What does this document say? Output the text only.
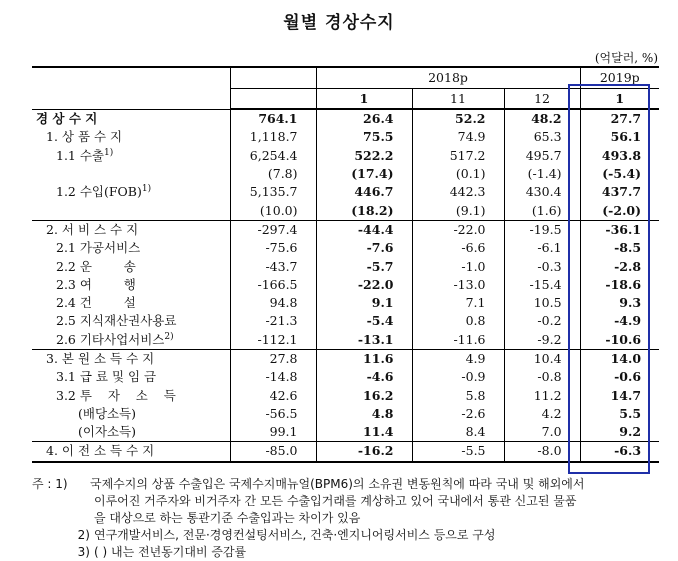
월별 경상수지
(억달러, %)
		2018p			2019p
		1	11	12	1
경 상 수 지	764.1	26.4	52.2	48.2	27.7
1. 상 품 수 지	1,118.7	75.5	74.9	65.3	56.1
1.1 수출$^{1)}$	6,254.4	522.2	517.2	495.7	493.8
	(7.8)	(17.4)	(0.1)	(-1.4)	(-5.4)
1.2 수입(FOB)$^{1)}$	5,135.7	446.7	442.3	430.4	437.7
	(10.0)	(18.2)	(9.1)	(1.6)	(-2.0)
2. 서 비 스 수 지	-297.4	-44.4	-22.0	-19.5	-36.1
2.1 가공서비스	-75.6	-7.6	-6.6	-6.1	-8.5
2.2 운        송	-43.7	-5.7	-1.0	-0.3	-2.8
2.3 여        행	-166.5	-22.0	-13.0	-15.4	-18.6
2.4 건        설	94.8	9.1	7.1	10.5	9.3
2.5 지식재산권사용료	-21.3	-5.4	0.8	-0.2	-4.9
2.6 기타사업서비스$^{2)}$	-112.1	-13.1	-11.6	-9.2	-10.6
3. 본 원 소 득 수 지	27.8	11.6	4.9	10.4	14.0
3.1 급 료 및 임 금	-14.8	-4.6	-0.9	-0.8	-0.6
3.2 투    자    소    득	42.6	16.2	5.8	11.2	14.7
(배당소득)	-56.5	4.8	-2.6	4.2	5.5
(이자소득)	99.1	11.4	8.4	7.0	9.2
4. 이 전 소 득 수 지	-85.0	-16.2	-5.5	-8.0	-6.3
주 : 1)	국제수지의 상품 수출입은 국제수지매뉴얼(BPM6)의 소유권 변동원칙에 따라 국내 및 해외에서
이루어진 거주자와 비거주자 간 모든 수출입거래를 계상하고 있어 국내에서 통관 신고된 물품
을 대상으로 하는 통관기준 수출입과는 차이가 있음
2) 연구개발서비스, 전문·경영컨설팅서비스, 건축·엔지니어링서비스 등으로 구성
3) ( ) 내는 전년동기대비 증감률
